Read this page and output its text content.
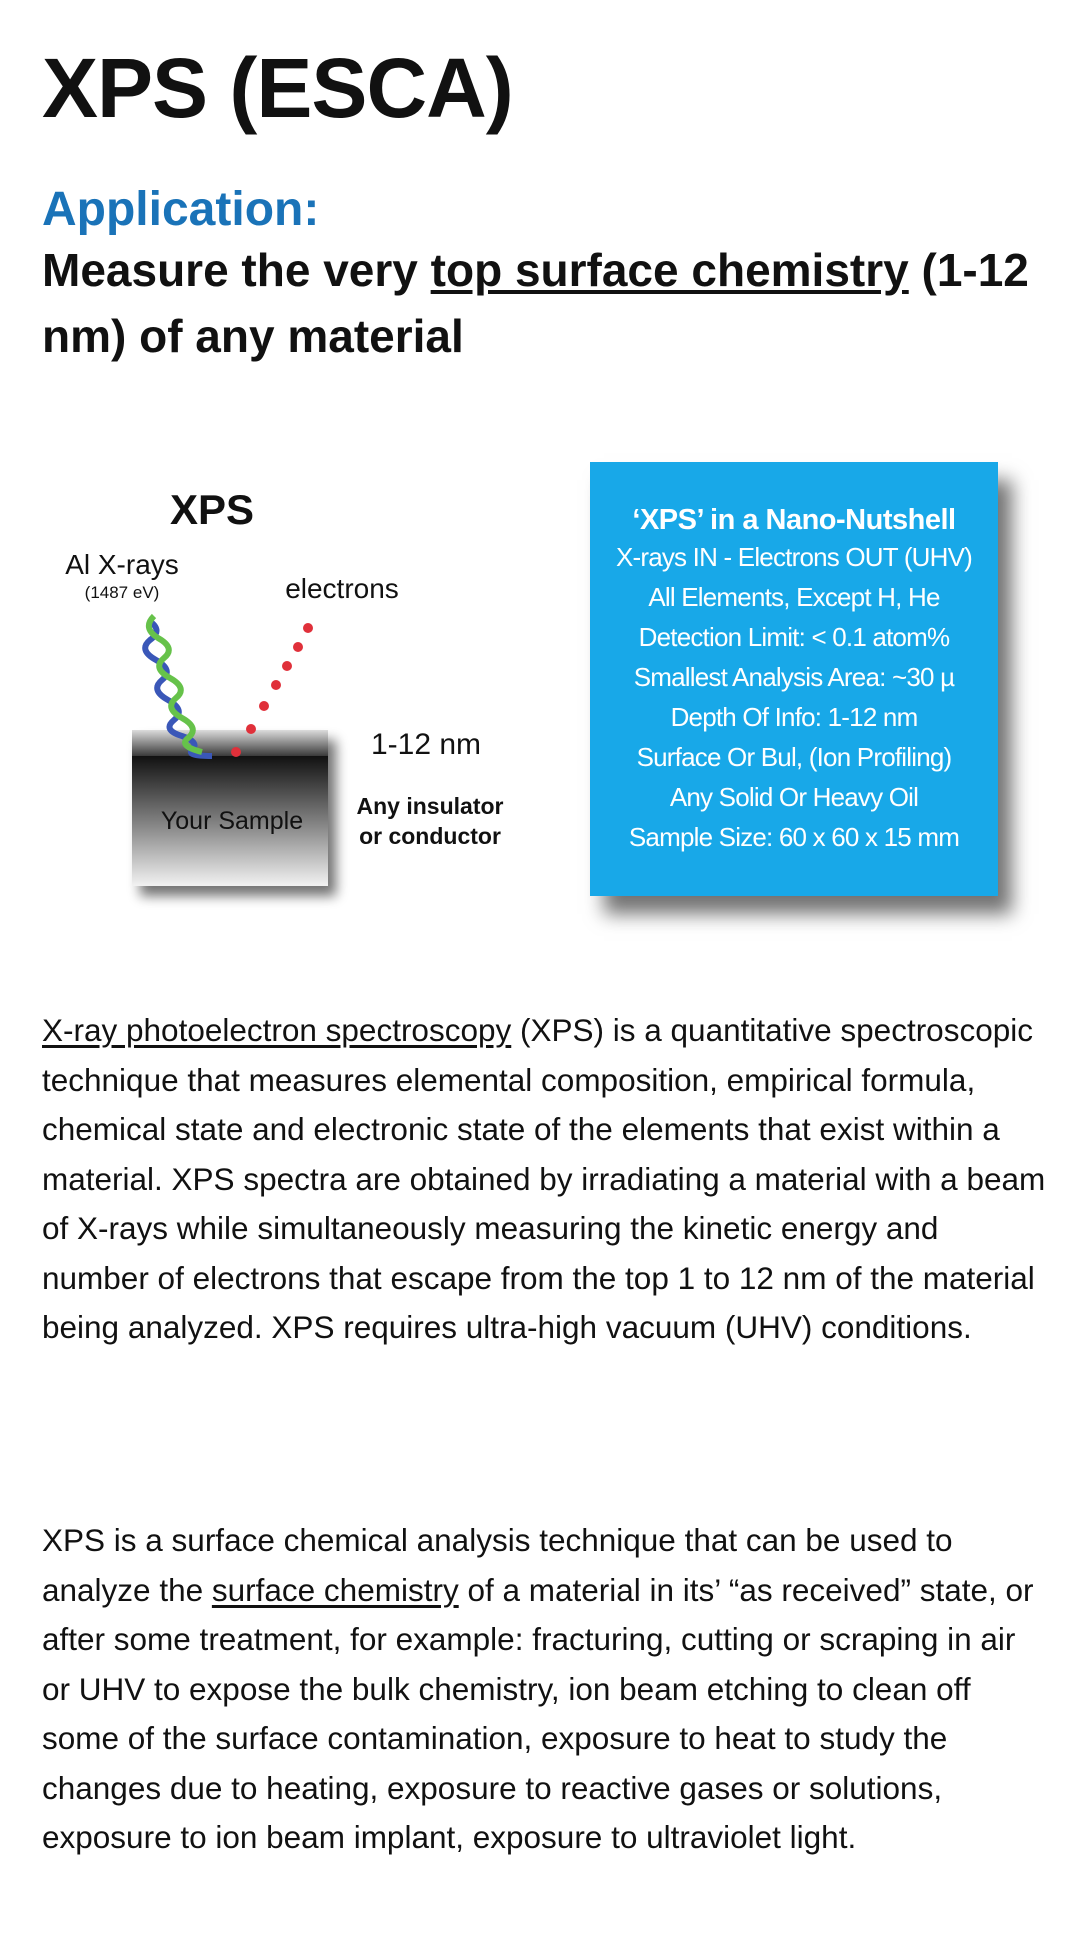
XPS (ESCA)
Application:
Measure the very top surface chemistry (1-12 nm) of any material
XPS
Al X-rays
(1487 eV)	electrons
1-12 nm
Your Sample
Any insulator
or conductor
‘XPS’ in a Nano-Nutshell
X-rays IN - Electrons OUT (UHV)
All Elements, Except H, He
Detection Limit: < 0.1 atom%
Smallest Analysis Area: ~30 µ
Depth Of Info: 1-12 nm
Surface Or Bul, (Ion Profiling)
Any Solid Or Heavy Oil
Sample Size: 60 x 60 x 15 mm

X-ray photoelectron spectroscopy (XPS) is a quantitative spectroscopic technique that measures elemental composition, empirical formula, chemical state and electronic state of the elements that exist within a material. XPS spectra are obtained by irradiating a material with a beam of X-rays while simultaneously measuring the kinetic energy and number of electrons that escape from the top 1 to 12 nm of the material being analyzed. XPS requires ultra-high vacuum (UHV) conditions.

XPS is a surface chemical analysis technique that can be used to analyze the surface chemistry of a material in its’ “as received” state, or after some treatment, for example: fracturing, cutting or scraping in air or UHV to expose the bulk chemistry, ion beam etching to clean off some of the surface contamination, exposure to heat to study the changes due to heating, exposure to reactive gases or solutions, exposure to ion beam implant, exposure to ultraviolet light.
